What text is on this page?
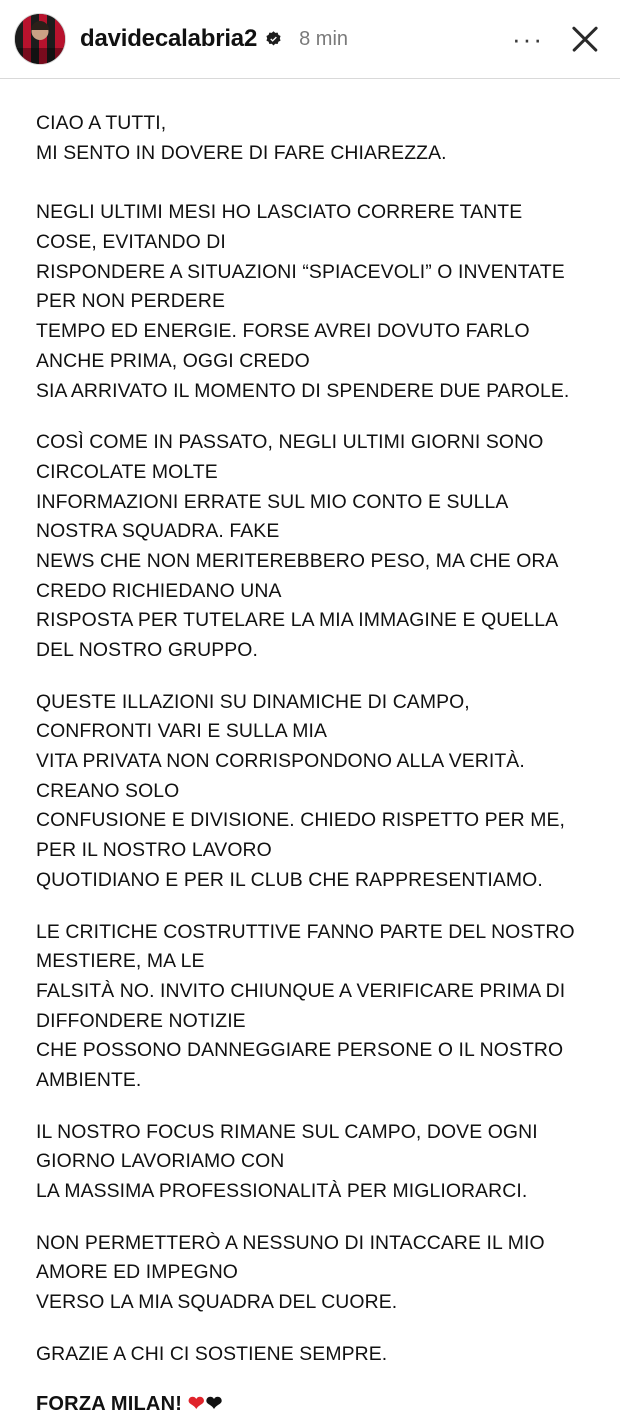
davidecalabria2 8 min	···

CIAO A TUTTI,
MI SENTO IN DOVERE DI FARE CHIAREZZA.

NEGLI ULTIMI MESI HO LASCIATO CORRERE TANTE COSE, EVITANDO DI
RISPONDERE A SITUAZIONI “SPIACEVOLI” O INVENTATE PER NON PERDERE
TEMPO ED ENERGIE. FORSE AVREI DOVUTO FARLO ANCHE PRIMA, OGGI CREDO
SIA ARRIVATO IL MOMENTO DI SPENDERE DUE PAROLE.

COSÌ COME IN PASSATO, NEGLI ULTIMI GIORNI SONO CIRCOLATE MOLTE
INFORMAZIONI ERRATE SUL MIO CONTO E SULLA NOSTRA SQUADRA. FAKE
NEWS CHE NON MERITEREBBERO PESO, MA CHE ORA CREDO RICHIEDANO UNA
RISPOSTA PER TUTELARE LA MIA IMMAGINE E QUELLA DEL NOSTRO GRUPPO.

QUESTE ILLAZIONI SU DINAMICHE DI CAMPO, CONFRONTI VARI E SULLA MIA
VITA PRIVATA NON CORRISPONDONO ALLA VERITÀ. CREANO SOLO
CONFUSIONE E DIVISIONE. CHIEDO RISPETTO PER ME, PER IL NOSTRO LAVORO
QUOTIDIANO E PER IL CLUB CHE RAPPRESENTIAMO.

LE CRITICHE COSTRUTTIVE FANNO PARTE DEL NOSTRO MESTIERE, MA LE
FALSITÀ NO. INVITO CHIUNQUE A VERIFICARE PRIMA DI DIFFONDERE NOTIZIE
CHE POSSONO DANNEGGIARE PERSONE O IL NOSTRO AMBIENTE.

IL NOSTRO FOCUS RIMANE SUL CAMPO, DOVE OGNI GIORNO LAVORIAMO CON
LA MASSIMA PROFESSIONALITÀ PER MIGLIORARCI.

NON PERMETTERÒ A NESSUNO DI INTACCARE IL MIO AMORE ED IMPEGNO
VERSO LA MIA SQUADRA DEL CUORE.

GRAZIE A CHI CI SOSTIENE SEMPRE.

FORZA MILAN! ❤❤
